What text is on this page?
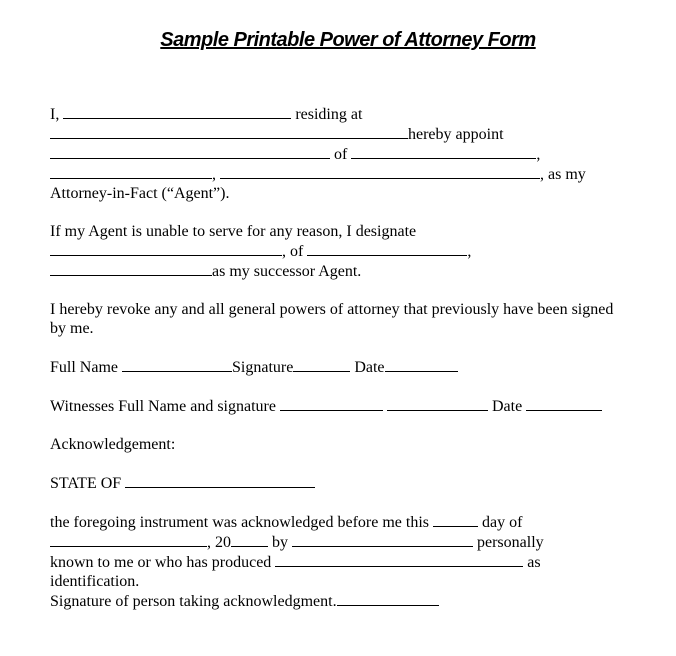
Sample Printable Power of Attorney Form

I,	residing at
hereby appoint
of	,
,	, as my
Attorney-in-Fact (“Agent”).

If my Agent is unable to serve for any reason, I designate
, of	,
as my successor Agent.

I hereby revoke any and all general powers of attorney that previously have been signed
by me.

Full Name	Signature	Date

Witnesses Full Name and signature	Date

Acknowledgement:

STATE OF

the foregoing instrument was acknowledged before me this	day of
, 20 by	personally
known to me or who has produced	as
identification.
Signature of person taking acknowledgment.
